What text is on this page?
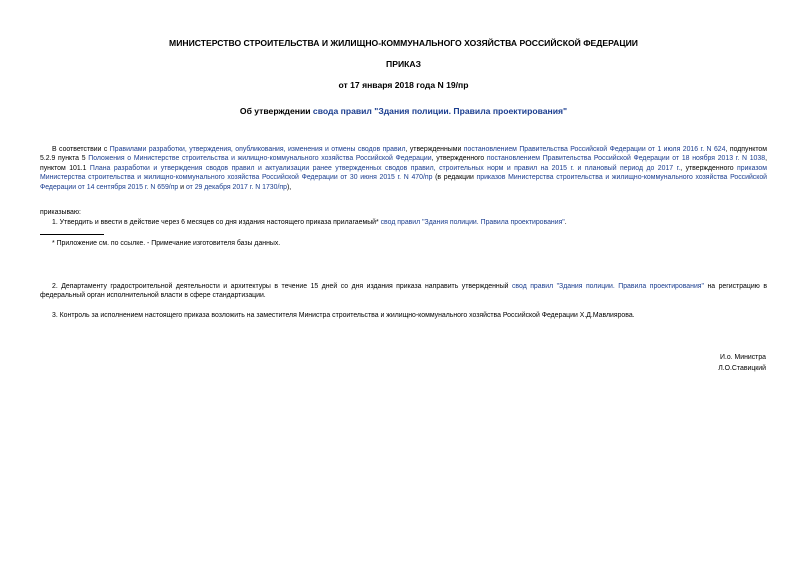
МИНИСТЕРСТВО СТРОИТЕЛЬСТВА И ЖИЛИЩНО-КОММУНАЛЬНОГО ХОЗЯЙСТВА РОССИЙСКОЙ ФЕДЕРАЦИИ
ПРИКАЗ
от 17 января 2018 года N 19/пр
Об утверждении свода правил "Здания полиции. Правила проектирования"
В соответствии с Правилами разработки, утверждения, опубликования, изменения и отмены сводов правил, утвержденными постановлением Правительства Российской Федерации от 1 июля 2016 г. N 624, подпунктом 5.2.9 пункта 5 Положения о Министерстве строительства и жилищно-коммунального хозяйства Российской Федерации, утвержденного постановлением Правительства Российской Федерации от 18 ноября 2013 г. N 1038, пунктом 101.1 Плана разработки и утверждения сводов правил и актуализации ранее утвержденных сводов правил, строительных норм и правил на 2015 г. и плановый период до 2017 г., утвержденного приказом Министерства строительства и жилищно-коммунального хозяйства Российской Федерации от 30 июня 2015 г. N 470/пр (в редакции приказов Министерства строительства и жилищно-коммунального хозяйства Российской Федерации от 14 сентября 2015 г. N 659/пр и от 29 декабря 2017 г. N 1730/пр),
приказываю:
1. Утвердить и ввести в действие через 6 месяцев со дня издания настоящего приказа прилагаемый* свод правил "Здания полиции. Правила проектирования".
* Приложение см. по ссылке. - Примечание изготовителя базы данных.
2. Департаменту градостроительной деятельности и архитектуры в течение 15 дней со дня издания приказа направить утвержденный свод правил "Здания полиции. Правила проектирования" на регистрацию в федеральный орган исполнительной власти в сфере стандартизации.
3. Контроль за исполнением настоящего приказа возложить на заместителя Министра строительства и жилищно-коммунального хозяйства Российской Федерации Х.Д.Мавлиярова.
И.о. Министра
Л.О.Ставицкий
